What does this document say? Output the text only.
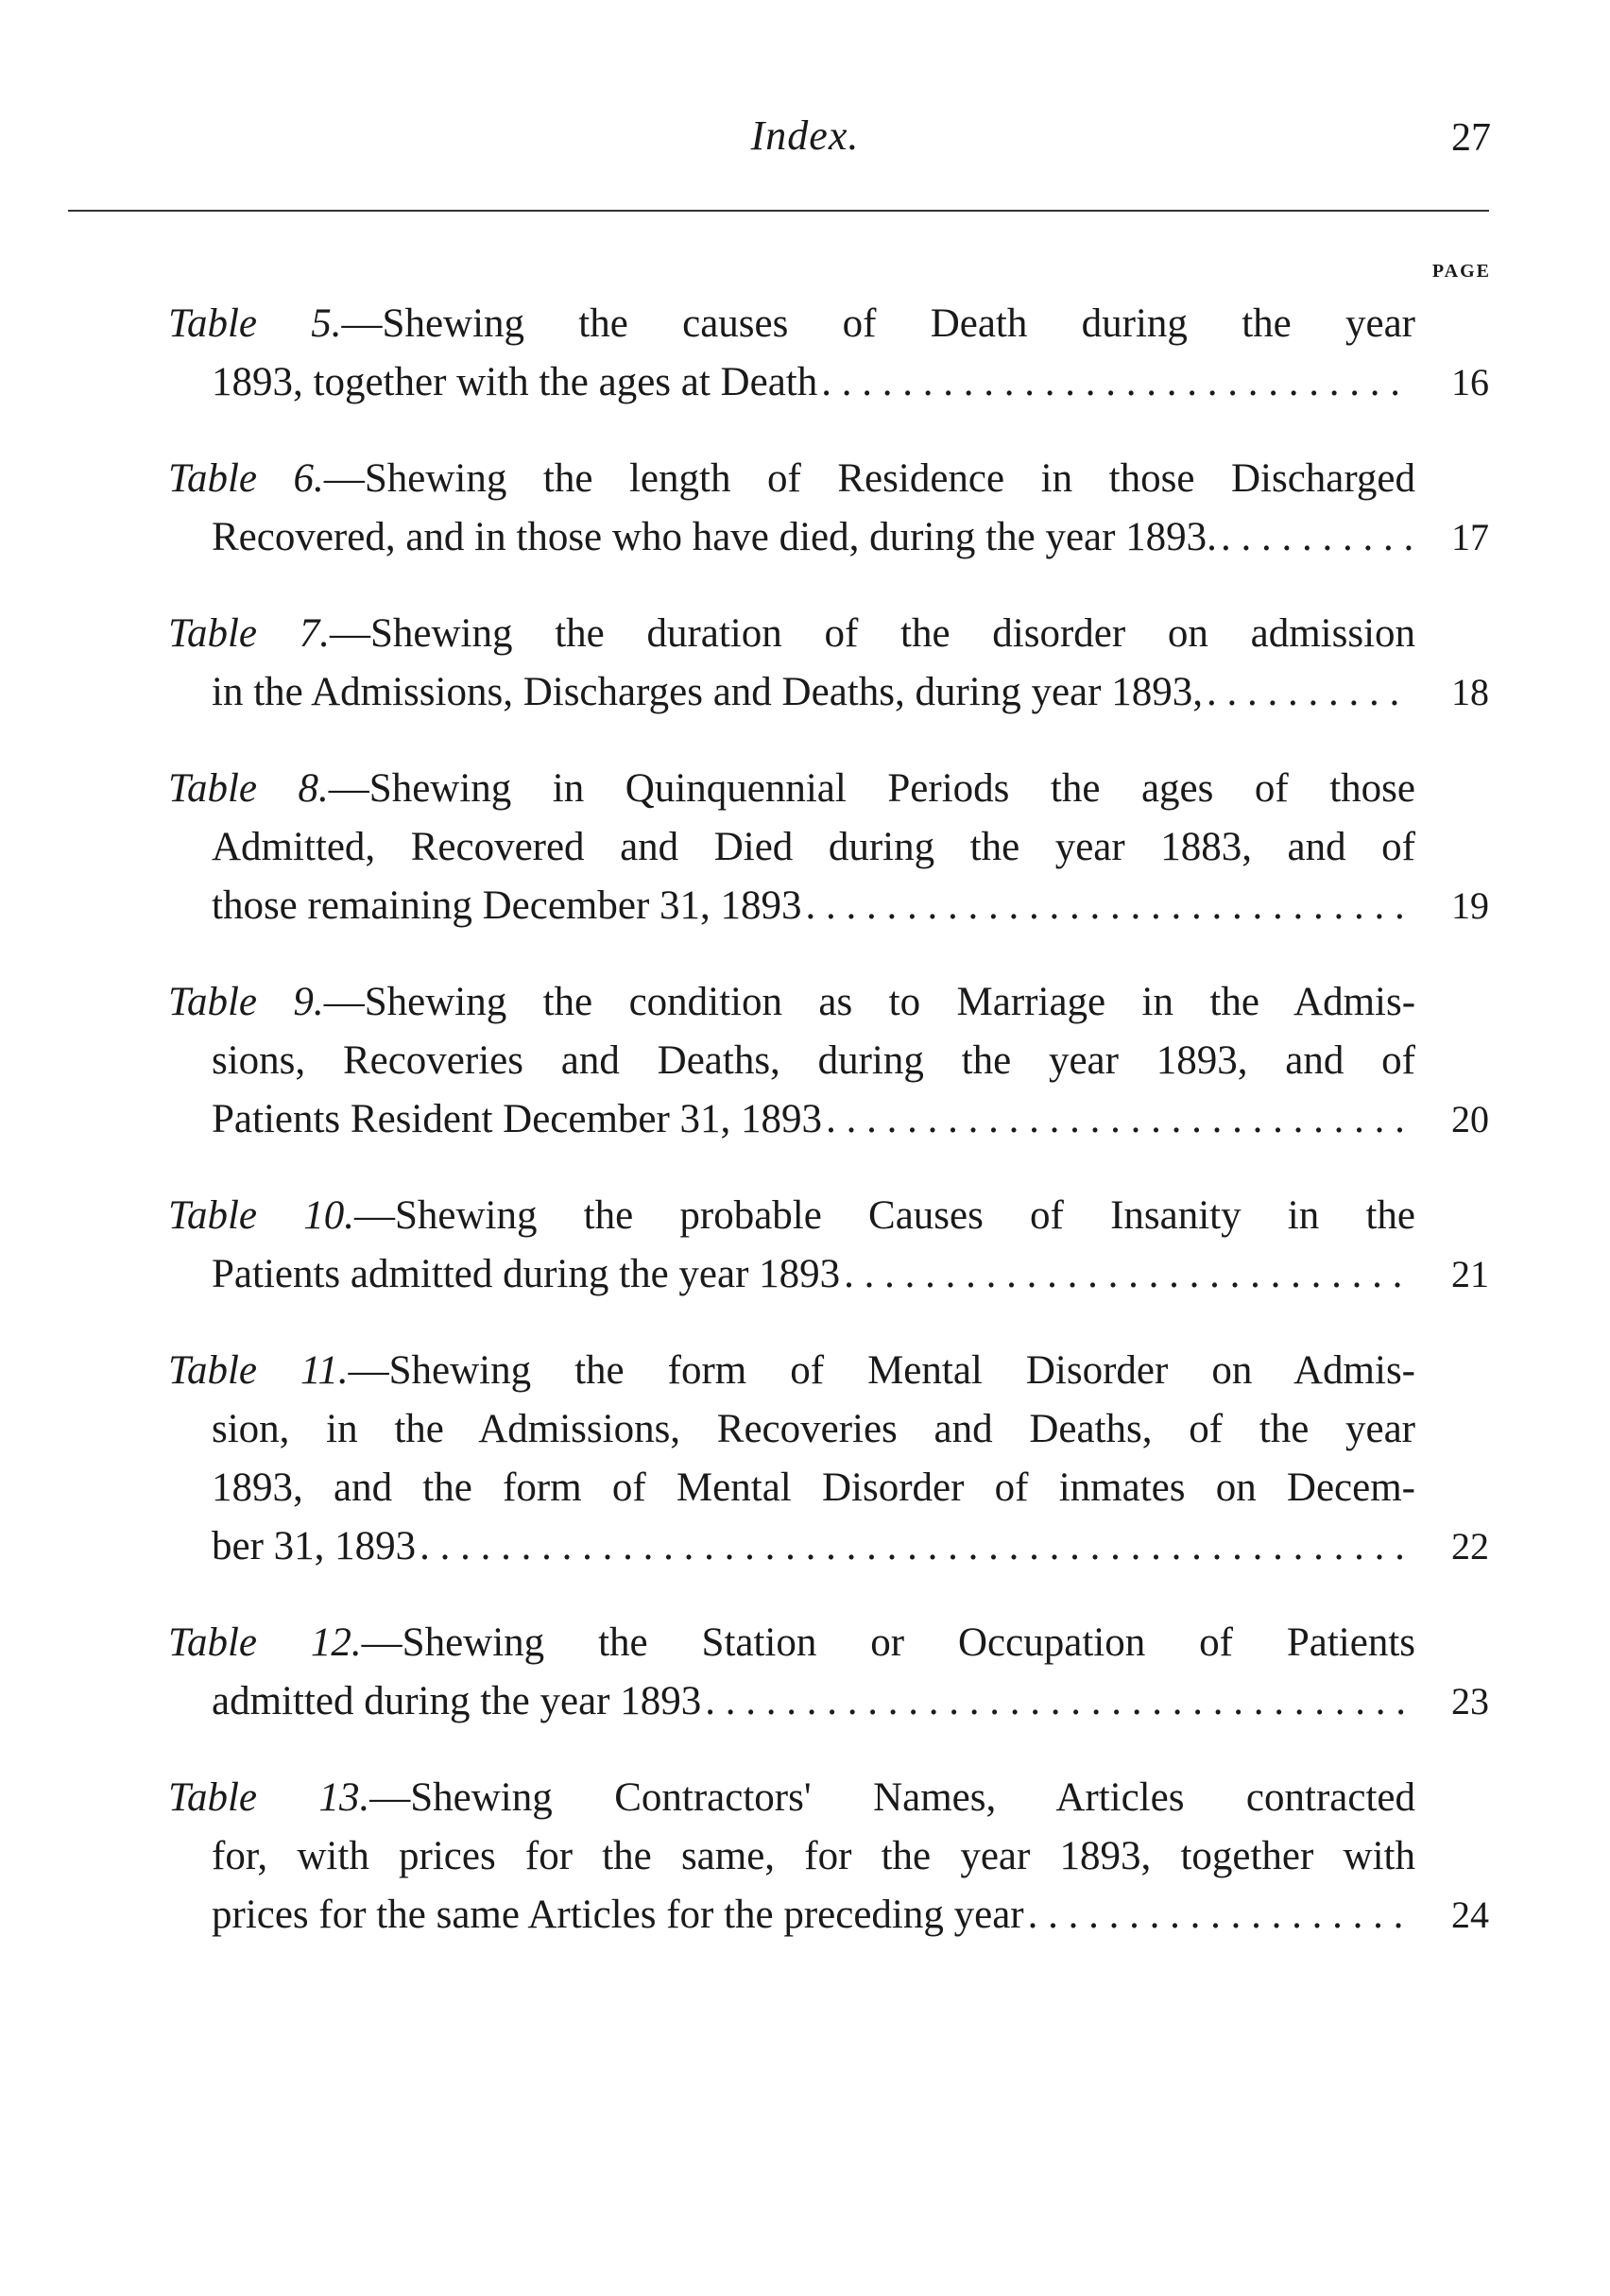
Index.	27
PAGE
Table 5.—Shewing the causes of Death during the year
1893, together with the ages at Death . . .	16
Table 6.—Shewing the length of Residence in those Discharged
Recovered, and in those who have died, during the year 1893. . . .	17
Table 7.—Shewing the duration of the disorder on admission
in the Admissions, Discharges and Deaths, during year 1893, . . .	18
Table 8.—Shewing in Quinquennial Periods the ages of those
Admitted, Recovered and Died during the year 1883, and of
those remaining December 31, 1893 . . .	19
Table 9.—Shewing the condition as to Marriage in the Admis-
sions, Recoveries and Deaths, during the year 1893, and of
Patients Resident December 31, 1893 . . .	20
Table 10.—Shewing the probable Causes of Insanity in the
Patients admitted during the year 1893 . . .	21
Table 11.—Shewing the form of Mental Disorder on Admis-
sion, in the Admissions, Recoveries and Deaths, of the year
1893, and the form of Mental Disorder of inmates on Decem-
ber 31, 1893 . . .	22
Table 12.—Shewing the Station or Occupation of Patients
admitted during the year 1893 . . .	23
Table 13.—Shewing Contractors' Names, Articles contracted
for, with prices for the same, for the year 1893, together with
prices for the same Articles for the preceding year . . .	24
